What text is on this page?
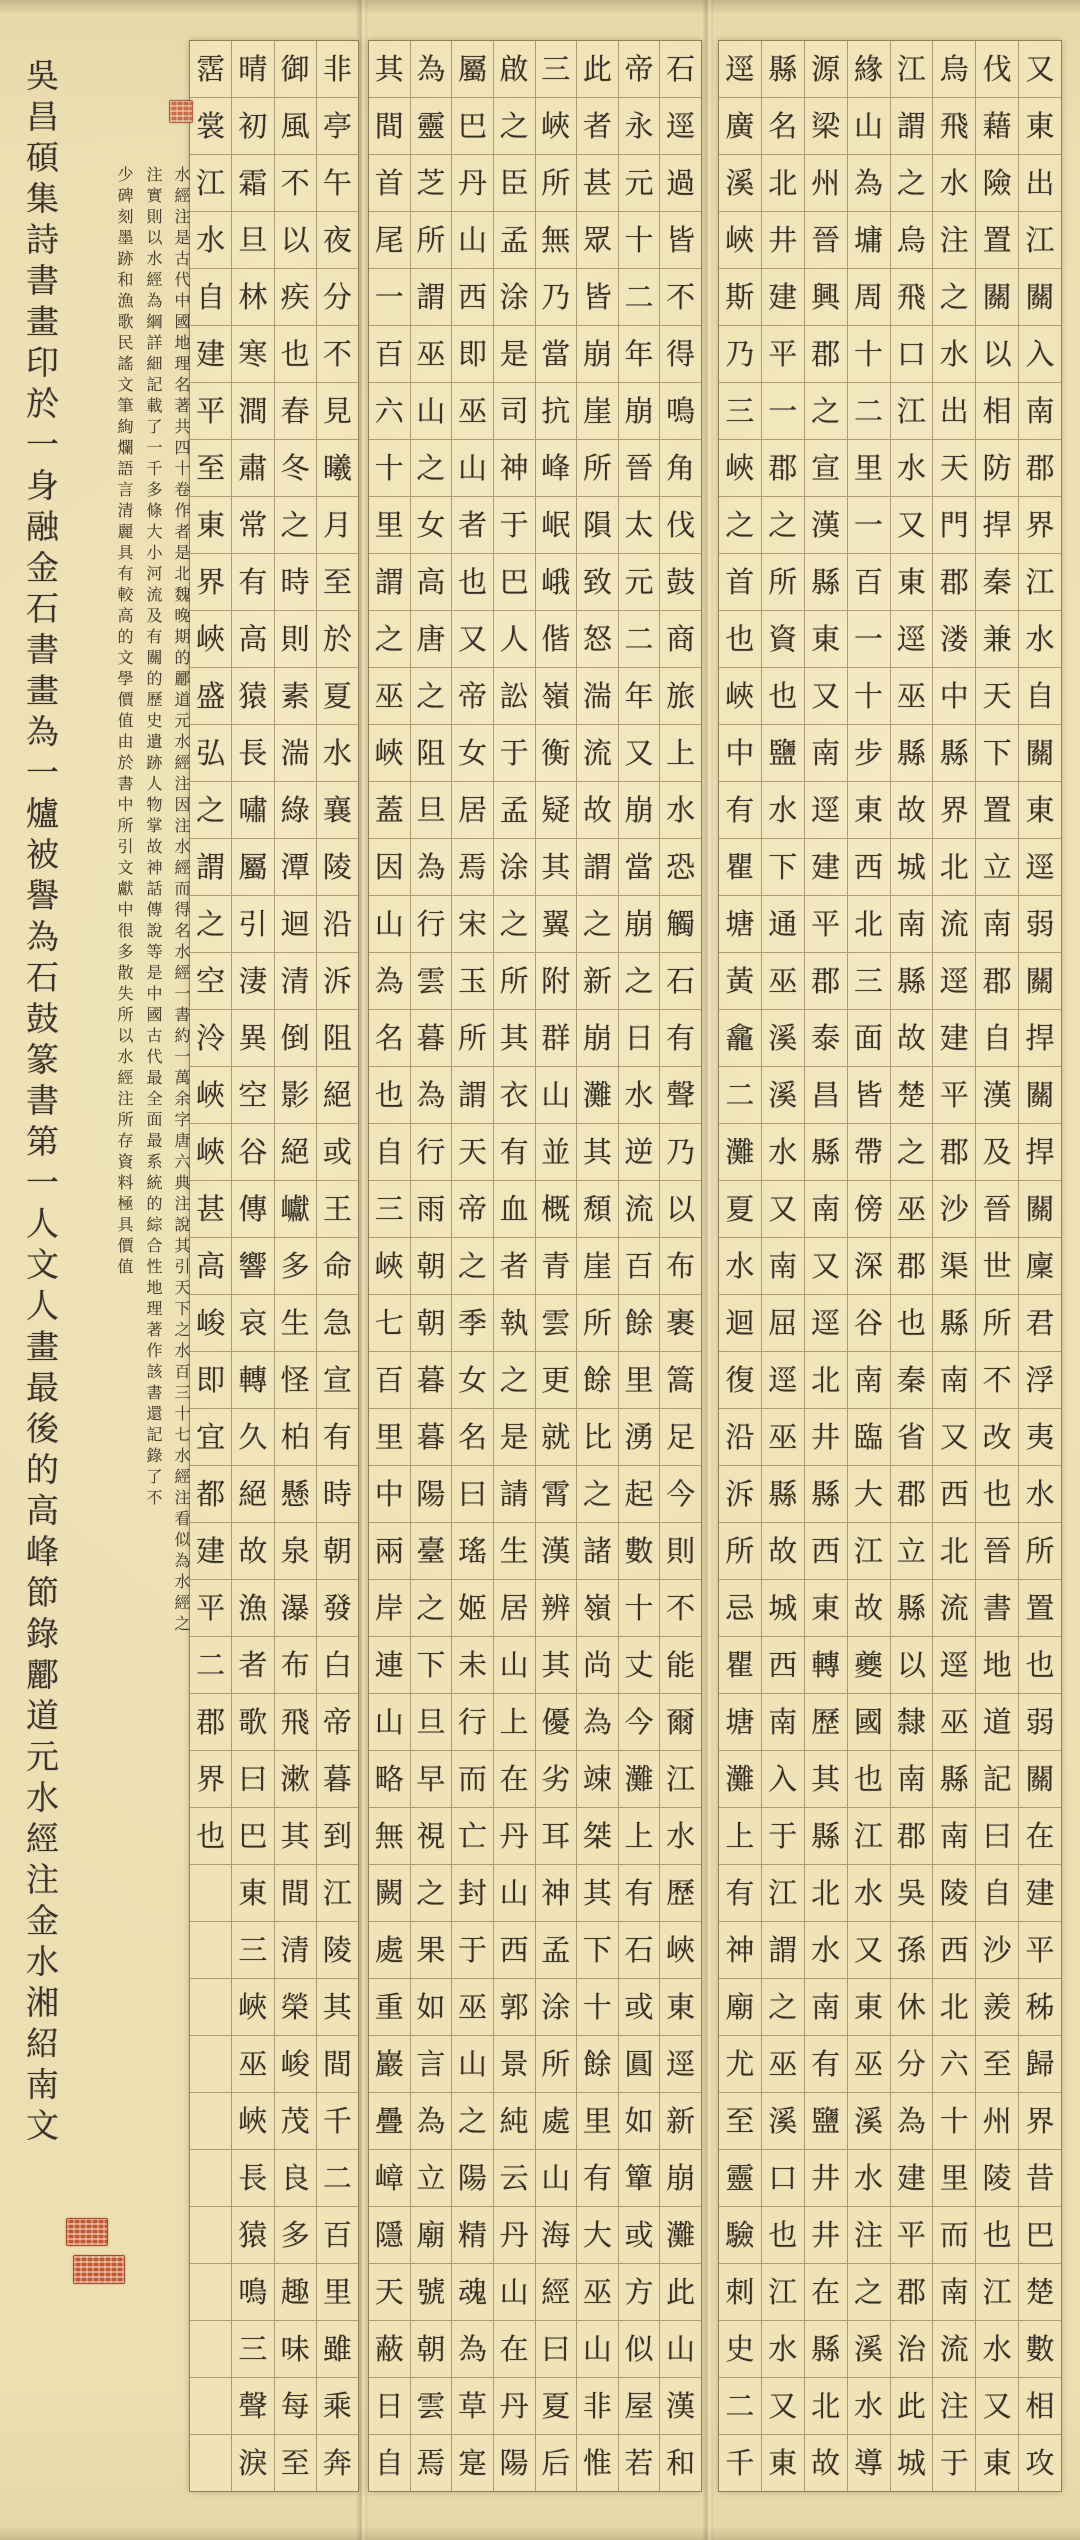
又
東
出
江
關
入
南
郡
界
江
水
自
關
東
逕
弱
關
捍
關
捍
關
廩
君
浮
夷
水
所
置
也
弱
關
在
建
平
秭
歸
界
昔
巴
楚
數
相
攻
伐
藉
險
置
關
以
相
防
捍
秦
兼
天
下
置
立
南
郡
自
漢
及
晉
世
所
不
改
也
晉
書
地
道
記
曰
自
沙
羨
至
州
陵
也
江
水
又
東
烏
飛
水
注
之
水
出
天
門
郡
溇
中
縣
界
北
流
逕
建
平
郡
沙
渠
縣
南
又
西
北
流
逕
巫
縣
南
陵
西
北
六
十
里
而
南
流
注
于
江
謂
之
烏
飛
口
江
水
又
東
逕
巫
縣
故
城
南
縣
故
楚
之
巫
郡
也
秦
省
郡
立
縣
以
隸
南
郡
吳
孫
休
分
為
建
平
郡
治
此
城
緣
山
為
墉
周
十
二
里
一
百
一
十
步
東
西
北
三
面
皆
帶
傍
深
谷
南
臨
大
江
故
夔
國
也
江
水
又
東
巫
溪
水
注
之
溪
水
導
源
梁
州
晉
興
郡
之
宣
漢
縣
東
又
南
逕
建
平
郡
泰
昌
縣
南
又
逕
北
井
縣
西
東
轉
歷
其
縣
北
水
南
有
鹽
井
井
在
縣
北
故
縣
名
北
井
建
平
一
郡
之
所
資
也
鹽
水
下
通
巫
溪
溪
水
又
南
屈
逕
巫
縣
故
城
西
南
入
于
江
謂
之
巫
溪
口
也
江
水
又
東
逕
廣
溪
峽
斯
乃
三
峽
之
首
也
峽
中
有
瞿
塘
黃
龕
二
灘
夏
水
迴
復
沿
泝
所
忌
瞿
塘
灘
上
有
神
廟
尤
至
靈
驗
刺
史
二
千
石
逕
過
皆
不
得
鳴
角
伐
鼓
商
旅
上
水
恐
觸
石
有
聲
乃
以
布
裹
篙
足
今
則
不
能
爾
江
水
歷
峽
東
逕
新
崩
灘
此
山
漢
和
帝
永
元
十
二
年
崩
晉
太
元
二
年
又
崩
當
崩
之
日
水
逆
流
百
餘
里
湧
起
數
十
丈
今
灘
上
有
石
或
圓
如
簞
或
方
似
屋
若
此
者
甚
眾
皆
崩
崖
所
隕
致
怒
湍
流
故
謂
之
新
崩
灘
其
頹
崖
所
餘
比
之
諸
嶺
尚
為
竦
桀
其
下
十
餘
里
有
大
巫
山
非
惟
三
峽
所
無
乃
當
抗
峰
岷
峨
偕
嶺
衡
疑
其
翼
附
群
山
並
概
青
雲
更
就
霄
漢
辨
其
優
劣
耳
神
孟
涂
所
處
山
海
經
曰
夏
后
啟
之
臣
孟
涂
是
司
神
于
巴
人
訟
于
孟
涂
之
所
其
衣
有
血
者
執
之
是
請
生
居
山
上
在
丹
山
西
郭
景
純
云
丹
山
在
丹
陽
屬
巴
丹
山
西
即
巫
山
者
也
又
帝
女
居
焉
宋
玉
所
謂
天
帝
之
季
女
名
曰
瑤
姬
未
行
而
亡
封
于
巫
山
之
陽
精
魂
為
草
寔
為
靈
芝
所
謂
巫
山
之
女
高
唐
之
阻
旦
為
行
雲
暮
為
行
雨
朝
朝
暮
暮
陽
臺
之
下
旦
早
視
之
果
如
言
為
立
廟
號
朝
雲
焉
其
間
首
尾
一
百
六
十
里
謂
之
巫
峽
蓋
因
山
為
名
也
自
三
峽
七
百
里
中
兩
岸
連
山
略
無
闕
處
重
巖
疊
嶂
隱
天
蔽
日
自
非
亭
午
夜
分
不
見
曦
月
至
於
夏
水
襄
陵
沿
泝
阻
絕
或
王
命
急
宣
有
時
朝
發
白
帝
暮
到
江
陵
其
間
千
二
百
里
雖
乘
奔
御
風
不
以
疾
也
春
冬
之
時
則
素
湍
綠
潭
迴
清
倒
影
絕
巘
多
生
怪
柏
懸
泉
瀑
布
飛
漱
其
間
清
榮
峻
茂
良
多
趣
味
每
至
晴
初
霜
旦
林
寒
澗
肅
常
有
高
猿
長
嘯
屬
引
淒
異
空
谷
傳
響
哀
轉
久
絕
故
漁
者
歌
曰
巴
東
三
峽
巫
峽
長
猿
鳴
三
聲
淚
霑
裳
江
水
自
建
平
至
東
界
峽
盛
弘
之
謂
之
空
泠
峽
峽
甚
高
峻
即
宜
都
建
平
二
郡
界
也
吳昌碩集詩書畫印於一身融金石書畫為一爐被譽為石鼓篆書第一人文人畫最後的高峰節錄酈道元水經注金水湘紹南文	水經注是古代中國地理名著共四十卷作者是北魏晚期的酈道元水經注因注水經而得名水經一書約一萬余字唐六典注說其引天下之水百三十七水經注看似為水經之
注實則以水經為綱詳細記載了一千多條大小河流及有關的歷史遺跡人物掌故神話傳說等是中國古代最全面最系統的綜合性地理著作該書還記錄了不
少碑刻墨跡和漁歌民謠文筆絢爛語言清麗具有較高的文學價值由於書中所引文獻中很多散失所以水經注所存資料極具價值
